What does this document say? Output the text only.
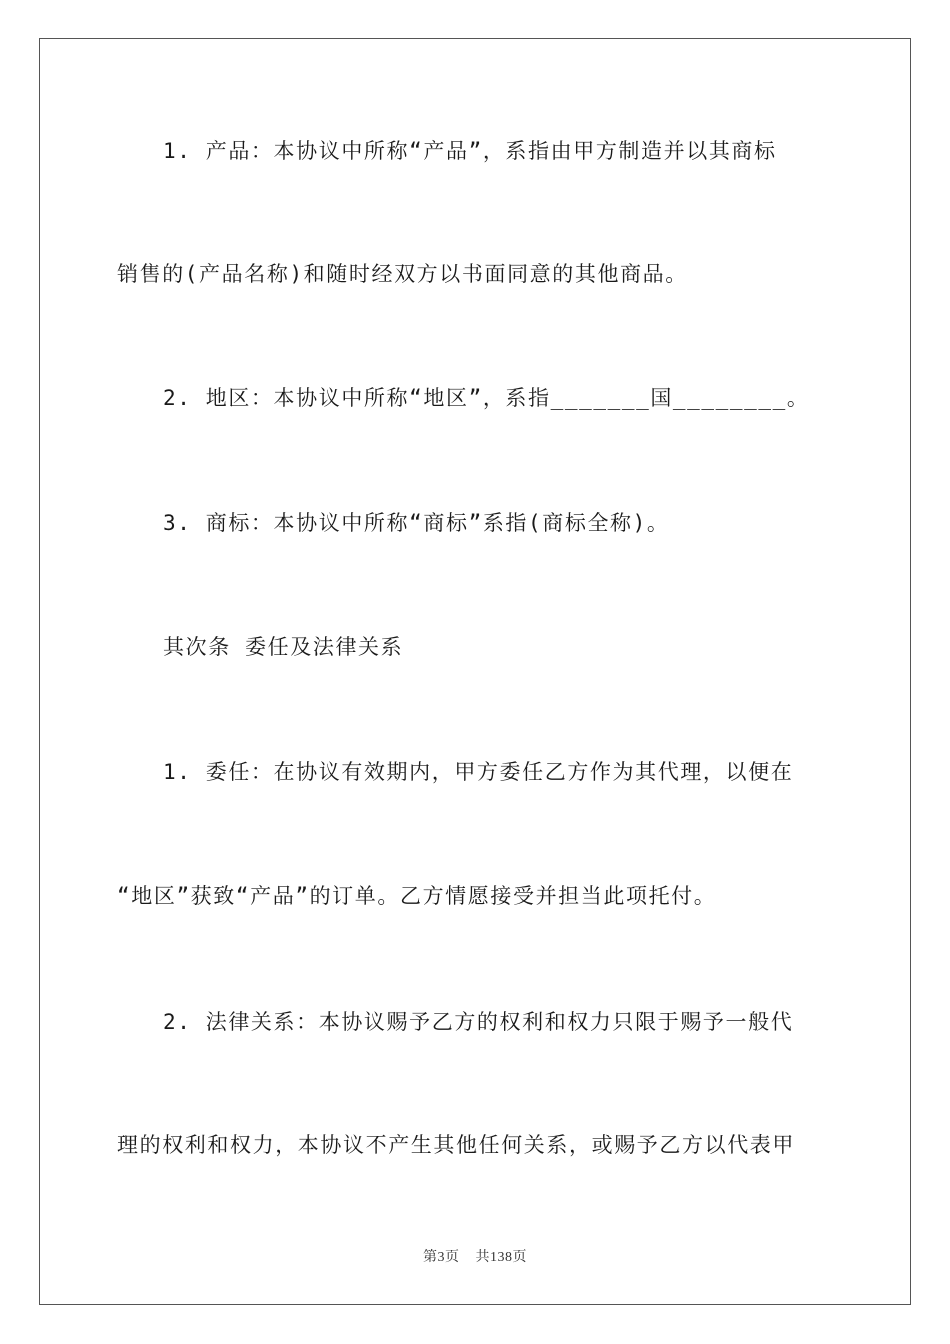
1. 产品：本协议中所称“产品”，系指由甲方制造并以其商标
销售的(产品名称)和随时经双方以书面同意的其他商品。
2. 地区：本协议中所称“地区”，系指_______国________。
3. 商标：本协议中所称“商标”系指(商标全称)。
其次条 委任及法律关系
1. 委任：在协议有效期内，甲方委任乙方作为其代理，以便在
“地区”获致“产品”的订单。乙方情愿接受并担当此项托付。
2. 法律关系：本协议赐予乙方的权利和权力只限于赐予一般代
理的权利和权力，本协议不产生其他任何关系，或赐予乙方以代表甲
第3页 共138页
